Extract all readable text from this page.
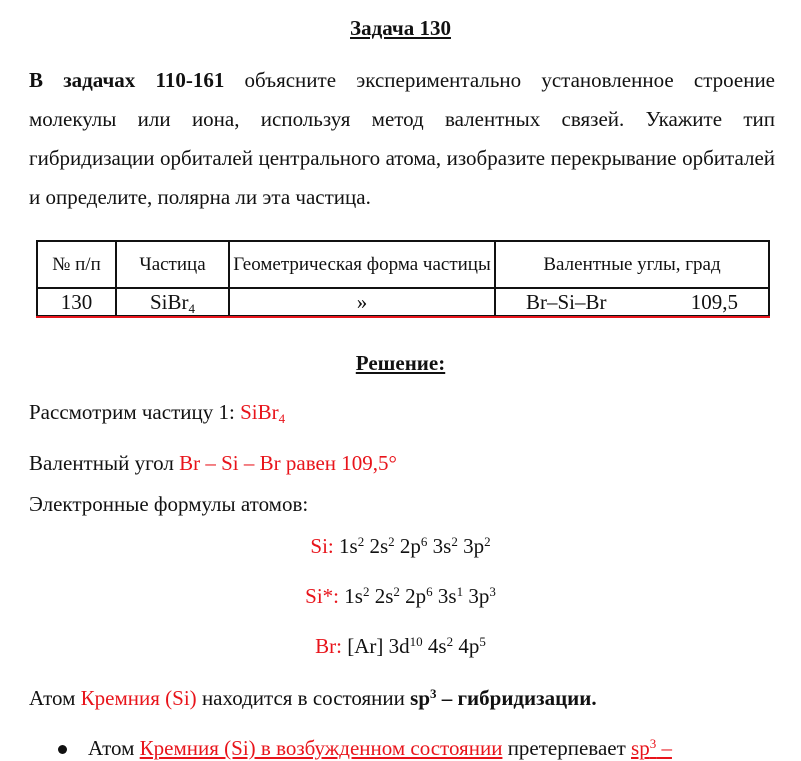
Задача 130
В задачах 110-161 объясните экспериментально установленное строение молекулы или иона, используя метод валентных связей. Укажите тип гибридизации орбиталей центрального атома, изобразите перекрывание орбиталей и определите, полярна ли эта частица.
№ п/п	Частица	Геометрическая форма частицы	Валентные углы, град
130	SiBr$_4$	»	Br–Si–Br 109,5
Решение:
Рассмотрим частицу 1: SiBr$_4$
Валентный угол Br – Si – Br равен 109,5°
Электронные формулы атомов:
Si: $1s^2$ $2s^2$ $2p^6$ $3s^2$ $3p^2$
Si*: $1s^2$ $2s^2$ $2p^6$ $3s^1$ $3p^3$
Br: [Ar] $3d^{10}$ $4s^2$ $4p^5$
Атом Кремния (Si) находится в состоянии $sp^3$ – гибридизации.
Атом Кремния (Si) в возбужденном состоянии претерпевает $sp^3$ –
